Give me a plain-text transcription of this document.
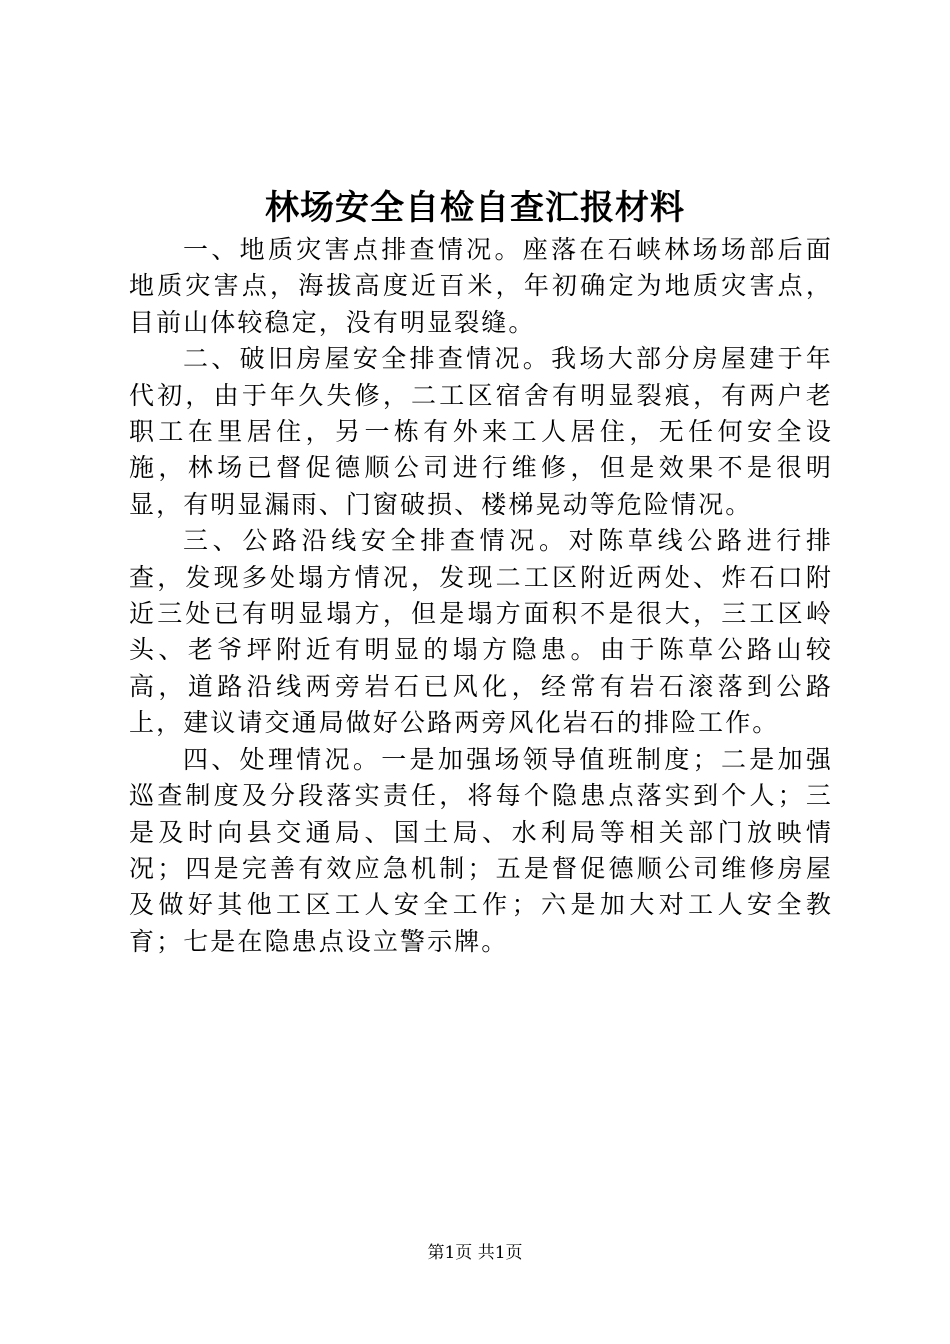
林场安全自检自查汇报材料

一、地质灾害点排查情况。座落在石峡林场场部后面地质灾害点，海拔高度近百米，年初确定为地质灾害点，目前山体较稳定，没有明显裂缝。

二、破旧房屋安全排查情况。我场大部分房屋建于年代初，由于年久失修，二工区宿舍有明显裂痕，有两户老职工在里居住，另一栋有外来工人居住，无任何安全设施，林场已督促德顺公司进行维修，但是效果不是很明显，有明显漏雨、门窗破损、楼梯晃动等危险情况。

三、公路沿线安全排查情况。对陈草线公路进行排查，发现多处塌方情况，发现二工区附近两处、炸石口附近三处已有明显塌方，但是塌方面积不是很大，三工区岭头、老爷坪附近有明显的塌方隐患。由于陈草公路山较高，道路沿线两旁岩石已风化，经常有岩石滚落到公路上，建议请交通局做好公路两旁风化岩石的排险工作。

四、处理情况。一是加强场领导值班制度；二是加强巡查制度及分段落实责任，将每个隐患点落实到个人；三是及时向县交通局、国土局、水利局等相关部门放映情况；四是完善有效应急机制；五是督促德顺公司维修房屋及做好其他工区工人安全工作；六是加大对工人安全教育；七是在隐患点设立警示牌。

第1页 共1页
